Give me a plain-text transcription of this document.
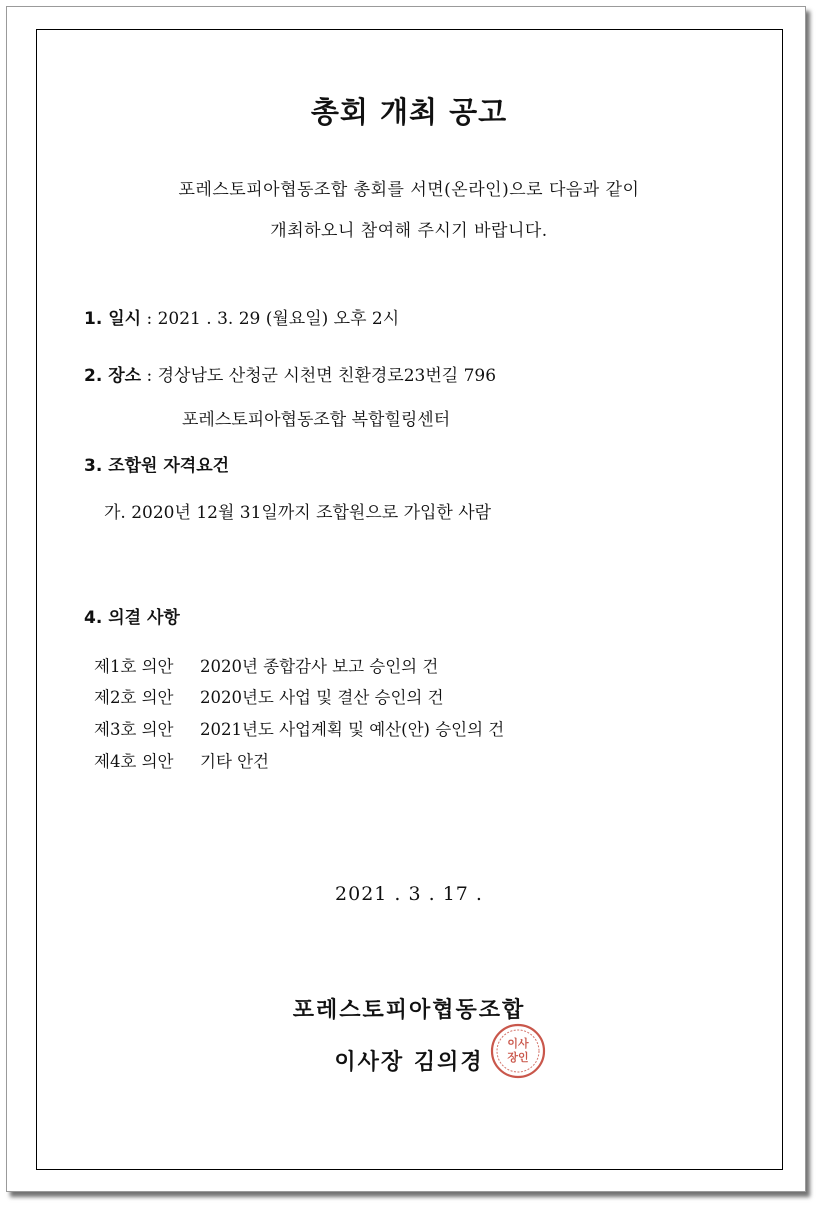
총회 개최 공고
포레스토피아협동조합 총회를 서면(온라인)으로 다음과 같이
개최하오니 참여해 주시기 바랍니다.
1. 일시 : 2021 . 3. 29 (월요일) 오후 2시
2. 장소 : 경상남도 산청군 시천면 친환경로23번길 796
포레스토피아협동조합 복합힐링센터
3. 조합원 자격요건
가. 2020년 12월 31일까지 조합원으로 가입한 사람
4. 의결 사항
제1호 의안 2020년 종합감사 보고 승인의 건
제2호 의안 2020년도 사업 및 결산 승인의 건
제3호 의안 2021년도 사업계획 및 예산(안) 승인의 건
제4호 의안 기타 안건
2021 . 3 . 17 .
포레스토피아협동조합
이사장 김의경
이사
장인
